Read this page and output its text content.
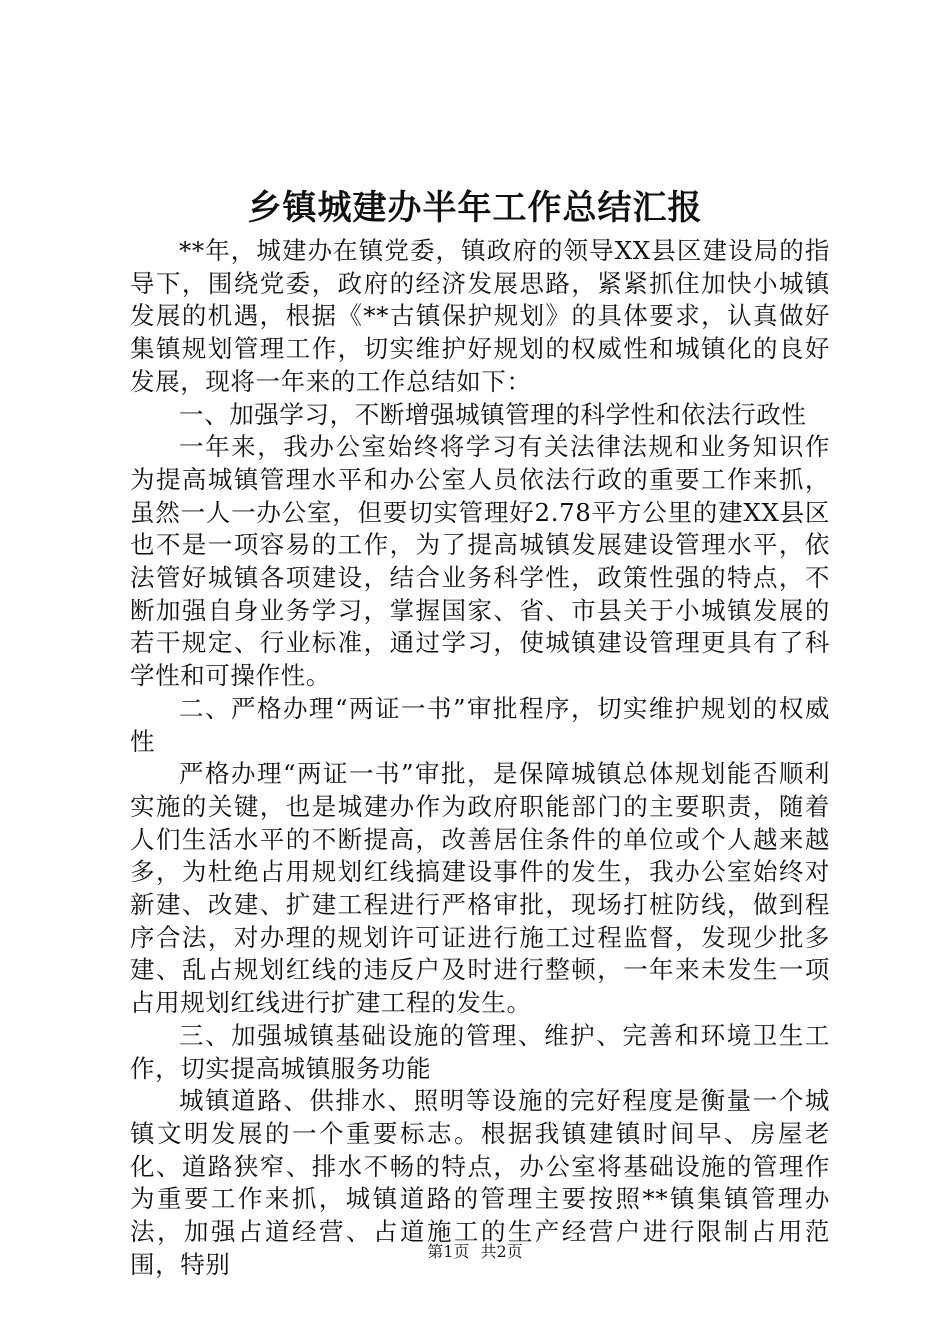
乡镇城建办半年工作总结汇报

**年，城建办在镇党委，镇政府的领导XX县区建设局的指导下，围绕党委，政府的经济发展思路，紧紧抓住加快小城镇发展的机遇，根据《**古镇保护规划》的具体要求，认真做好集镇规划管理工作，切实维护好规划的权威性和城镇化的良好发展，现将一年来的工作总结如下：

一、加强学习，不断增强城镇管理的科学性和依法行政性

一年来，我办公室始终将学习有关法律法规和业务知识作为提高城镇管理水平和办公室人员依法行政的重要工作来抓，虽然一人一办公室，但要切实管理好2.78平方公里的建XX县区也不是一项容易的工作，为了提高城镇发展建设管理水平，依法管好城镇各项建设，结合业务科学性，政策性强的特点，不断加强自身业务学习，掌握国家、省、市县关于小城镇发展的若干规定、行业标准，通过学习，使城镇建设管理更具有了科学性和可操作性。

二、严格办理“两证一书”审批程序，切实维护规划的权威性

严格办理“两证一书”审批，是保障城镇总体规划能否顺利实施的关键，也是城建办作为政府职能部门的主要职责，随着人们生活水平的不断提高，改善居住条件的单位或个人越来越多，为杜绝占用规划红线搞建设事件的发生，我办公室始终对新建、改建、扩建工程进行严格审批，现场打桩防线，做到程序合法，对办理的规划许可证进行施工过程监督，发现少批多建、乱占规划红线的违反户及时进行整顿，一年来未发生一项占用规划红线进行扩建工程的发生。

三、加强城镇基础设施的管理、维护、完善和环境卫生工作，切实提高城镇服务功能

城镇道路、供排水、照明等设施的完好程度是衡量一个城镇文明发展的一个重要标志。根据我镇建镇时间早、房屋老化、道路狭窄、排水不畅的特点，办公室将基础设施的管理作为重要工作来抓，城镇道路的管理主要按照**镇集镇管理办法，加强占道经营、占道施工的生产经营户进行限制占用范围，特别	第1页 共2页
